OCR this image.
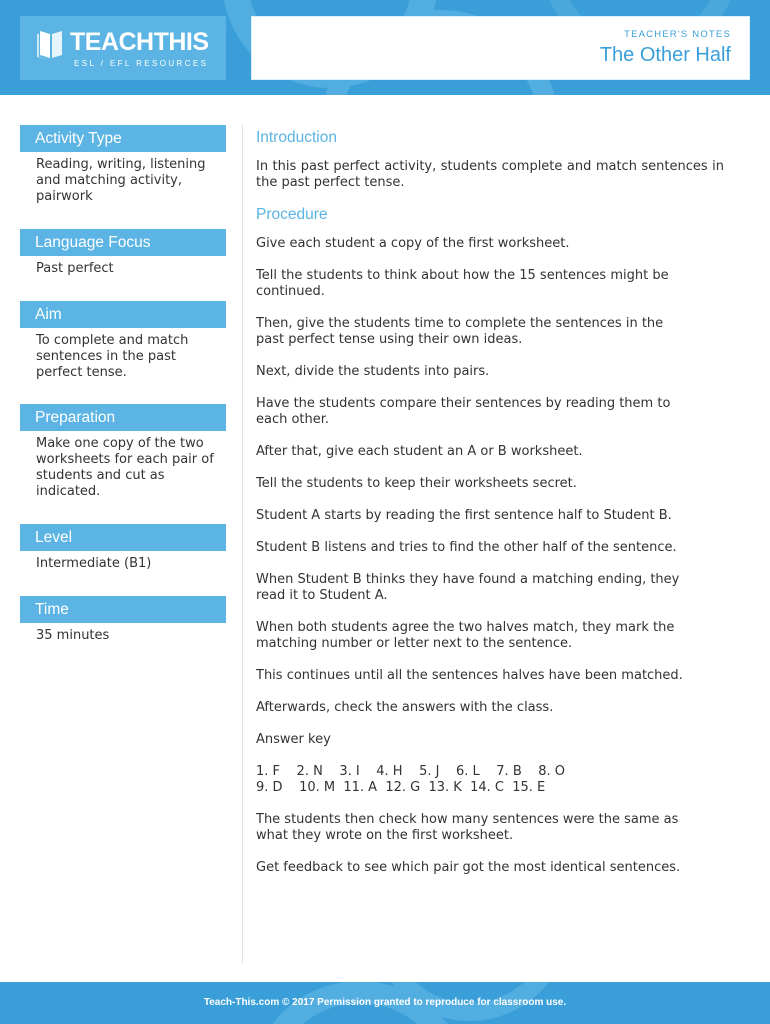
TEACHTHIS
ESL / EFL RESOURCES
TEACHER'S NOTES
The Other Half
Activity Type
Reading, writing, listening and matching activity, pairwork
Language Focus
Past perfect
Aim
To complete and match sentences in the past perfect tense.
Preparation
Make one copy of the two worksheets for each pair of students and cut as indicated.
Level
Intermediate (B1)
Time
35 minutes
Introduction
In this past perfect activity, students complete and match sentences in the past perfect tense.
Procedure
Give each student a copy of the first worksheet.
Tell the students to think about how the 15 sentences might be
continued.
Then, give the students time to complete the sentences in the
past perfect tense using their own ideas.
Next, divide the students into pairs.
Have the students compare their sentences by reading them to
each other.
After that, give each student an A or B worksheet.
Tell the students to keep their worksheets secret.
Student A starts by reading the first sentence half to Student B.
Student B listens and tries to find the other half of the sentence.
When Student B thinks they have found a matching ending, they
read it to Student A.
When both students agree the two halves match, they mark the
matching number or letter next to the sentence.
This continues until all the sentences halves have been matched.
Afterwards, check the answers with the class.
Answer key
1. F    2. N    3. I    4. H    5. J    6. L    7. B    8. O
9. D    10. M  11. A  12. G  13. K  14. C  15. E
The students then check how many sentences were the same as
what they wrote on the first worksheet.
Get feedback to see which pair got the most identical sentences.
Teach-This.com © 2017 Permission granted to reproduce for classroom use.
